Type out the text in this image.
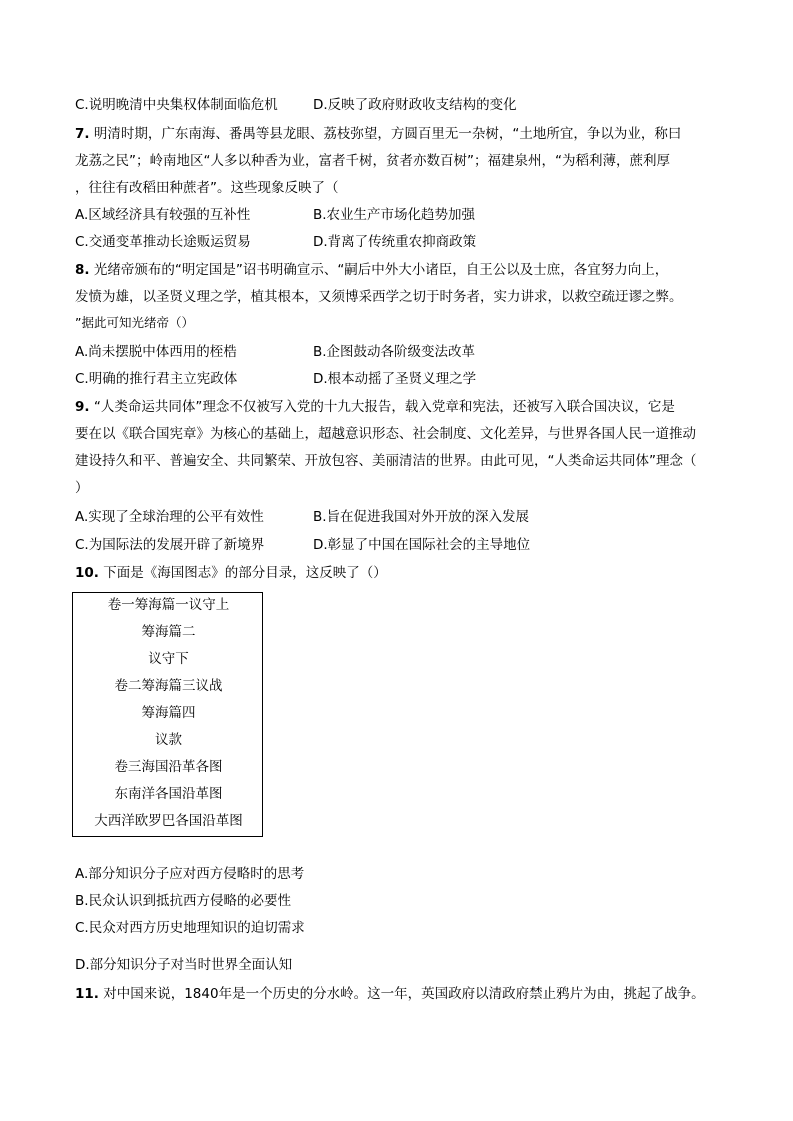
C.说明晚清中央集权体制面临危机	D.反映了政府财政收支结构的变化
7. 明清时期，广东南海、番禺等县龙眼、荔枝弥望，方圆百里无一杂树，“土地所宜，争以为业，称曰
龙荔之民”；岭南地区“人多以种香为业，富者千树，贫者亦数百树”；福建泉州，“为稻利薄，蔗利厚
，往往有改稻田种蔗者”。这些现象反映了（
A.区域经济具有较强的互补性	B.农业生产市场化趋势加强
C.交通变革推动长途贩运贸易	D.背离了传统重农抑商政策
8. 光绪帝颁布的“明定国是”诏书明确宣示、“嗣后中外大小诸臣，自王公以及士庶，各宜努力向上，
发愤为雄，以圣贤义理之学，植其根本，又须博采西学之切于时务者，实力讲求，以救空疏迂谬之弊。
”据此可知光绪帝（）
A.尚未摆脱中体西用的桎梏	B.企图鼓动各阶级变法改革
C.明确的推行君主立宪政体	D.根本动摇了圣贤义理之学
9. “人类命运共同体”理念不仅被写入党的十九大报告，载入党章和宪法，还被写入联合国决议，它是
要在以《联合国宪章》为核心的基础上，超越意识形态、社会制度、文化差异，与世界各国人民一道推动
建设持久和平、普遍安全、共同繁荣、开放包容、美丽清洁的世界。由此可见，“人类命运共同体”理念（
）
A.实现了全球治理的公平有效性	B.旨在促进我国对外开放的深入发展
C.为国际法的发展开辟了新境界	D.彰显了中国在国际社会的主导地位
10. 下面是《海国图志》的部分目录，这反映了（）
卷一筹海篇一议守上
筹海篇二
议守下
卷二筹海篇三议战
筹海篇四
议款
卷三海国沿革各图
东南洋各国沿革图
大西洋欧罗巴各国沿革图
A.部分知识分子应对西方侵略时的思考
B.民众认识到抵抗西方侵略的必要性
C.民众对西方历史地理知识的迫切需求
D.部分知识分子对当时世界全面认知
11. 对中国来说，1840年是一个历史的分水岭。这一年，英国政府以清政府禁止鸦片为由，挑起了战争。
